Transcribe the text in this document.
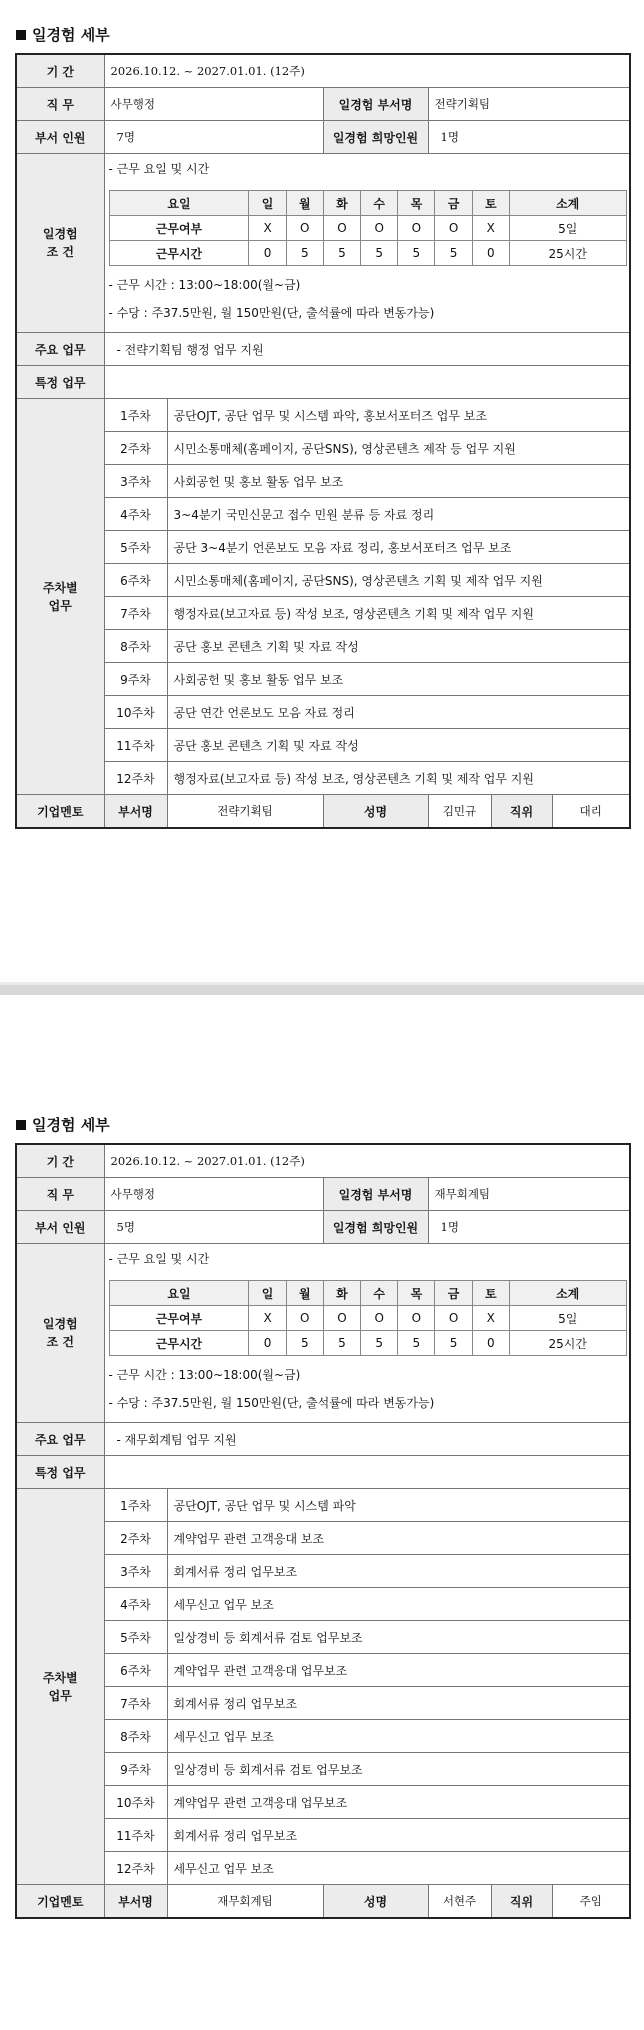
일경험 세부
기 간	2026.10.12. ~ 2027.01.01. (12주)
직 무	사무행정	일경험 부서명	전략기획팀
부서 인원	7명	일경험 희망인원	1명
일경험
조 건	
- 근무 요일 및 시간
요일	일	월	화	수	목	금	토	소계
근무여부	X	O	O	O	O	O	X	5일
근무시간	0	5	5	5	5	5	0	25시간
- 근무 시간 : 13:00~18:00(월~금)
- 수당 : 주37.5만원, 월 150만원(단, 출석률에 따라 변동가능)

주요 업무	- 전략기획팀 행정 업무 지원
특정 업무	
주차별
업무	1주차	공단OJT, 공단 업무 및 시스템 파악, 홍보서포터즈 업무 보조
2주차	시민소통매체(홈페이지, 공단SNS), 영상콘텐츠 제작 등 업무 지원
3주차	사회공헌 및 홍보 활동 업무 보조
4주차	3~4분기 국민신문고 접수 민원 분류 등 자료 정리
5주차	공단 3~4분기 언론보도 모음 자료 정리, 홍보서포터즈 업무 보조
6주차	시민소통매체(홈페이지, 공단SNS), 영상콘텐츠 기획 및 제작 업무 지원
7주차	행정자료(보고자료 등) 작성 보조, 영상콘텐츠 기획 및 제작 업무 지원
8주차	공단 홍보 콘텐츠 기획 및 자료 작성
9주차	사회공헌 및 홍보 활동 업무 보조
10주차	공단 연간 언론보도 모음 자료 정리
11주차	공단 홍보 콘텐츠 기획 및 자료 작성
12주차	행정자료(보고자료 등) 작성 보조, 영상콘텐츠 기획 및 제작 업무 지원
기업멘토	부서명	전략기획팀	성명	김민규	직위	대리
일경험 세부
기 간	2026.10.12. ~ 2027.01.01. (12주)
직 무	사무행정	일경험 부서명	재무회계팀
부서 인원	5명	일경험 희망인원	1명
일경험
조 건	
- 근무 요일 및 시간
요일	일	월	화	수	목	금	토	소계
근무여부	X	O	O	O	O	O	X	5일
근무시간	0	5	5	5	5	5	0	25시간
- 근무 시간 : 13:00~18:00(월~금)
- 수당 : 주37.5만원, 월 150만원(단, 출석률에 따라 변동가능)

주요 업무	- 재무회계팀 업무 지원
특정 업무	
주차별
업무	1주차	공단OJT, 공단 업무 및 시스템 파악
2주차	계약업무 관련 고객응대 보조
3주차	회계서류 정리 업무보조
4주차	세무신고 업무 보조
5주차	일상경비 등 회계서류 검토 업무보조
6주차	계약업무 관련 고객응대 업무보조
7주차	회계서류 정리 업무보조
8주차	세무신고 업무 보조
9주차	일상경비 등 회계서류 검토 업무보조
10주차	계약업무 관련 고객응대 업무보조
11주차	회계서류 정리 업무보조
12주차	세무신고 업무 보조
기업멘토	부서명	재무회계팀	성명	서현주	직위	주임
